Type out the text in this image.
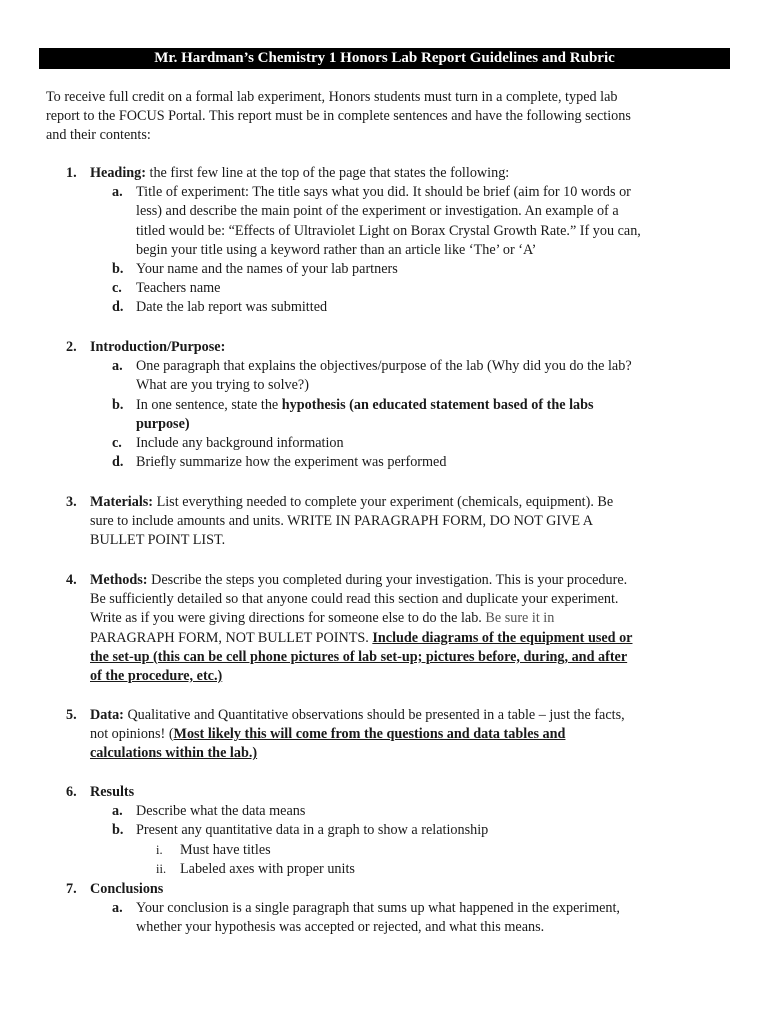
Mr. Hardman’s Chemistry 1 Honors Lab Report Guidelines and Rubric

To receive full credit on a formal lab experiment, Honors students must turn in a complete, typed lab

report to the FOCUS Portal. This report must be in complete sentences and have the following sections

and their contents:

1. Heading: the first few line at the top of the page that states the following:
a. Title of experiment: The title says what you did. It should be brief (aim for 10 words or
less) and describe the main point of the experiment or investigation. An example of a
titled would be: “Effects of Ultraviolet Light on Borax Crystal Growth Rate.” If you can,
begin your title using a keyword rather than an article like ‘The’ or ‘A’
b. Your name and the names of your lab partners
c. Teachers name
d. Date the lab report was submitted
2. Introduction/Purpose:
a. One paragraph that explains the objectives/purpose of the lab (Why did you do the lab?
What are you trying to solve?)
b. In one sentence, state the hypothesis (an educated statement based of the labs
purpose)
c. Include any background information
d. Briefly summarize how the experiment was performed
3. Materials: List everything needed to complete your experiment (chemicals, equipment). Be
sure to include amounts and units. WRITE IN PARAGRAPH FORM, DO NOT GIVE A
BULLET POINT LIST.
4. Methods: Describe the steps you completed during your investigation. This is your procedure.
Be sufficiently detailed so that anyone could read this section and duplicate your experiment.
Write as if you were giving directions for someone else to do the lab. Be sure it in
PARAGRAPH FORM, NOT BULLET POINTS. Include diagrams of the equipment used or
the set-up (this can be cell phone pictures of lab set-up; pictures before, during, and after
of the procedure, etc.)
5. Data: Qualitative and Quantitative observations should be presented in a table – just the facts,
not opinions! (Most likely this will come from the questions and data tables and
calculations within the lab.)
6. Results
a. Describe what the data means
b. Present any quantitative data in a graph to show a relationship
i. Must have titles
ii. Labeled axes with proper units
7. Conclusions
a. Your conclusion is a single paragraph that sums up what happened in the experiment,
whether your hypothesis was accepted or rejected, and what this means.
